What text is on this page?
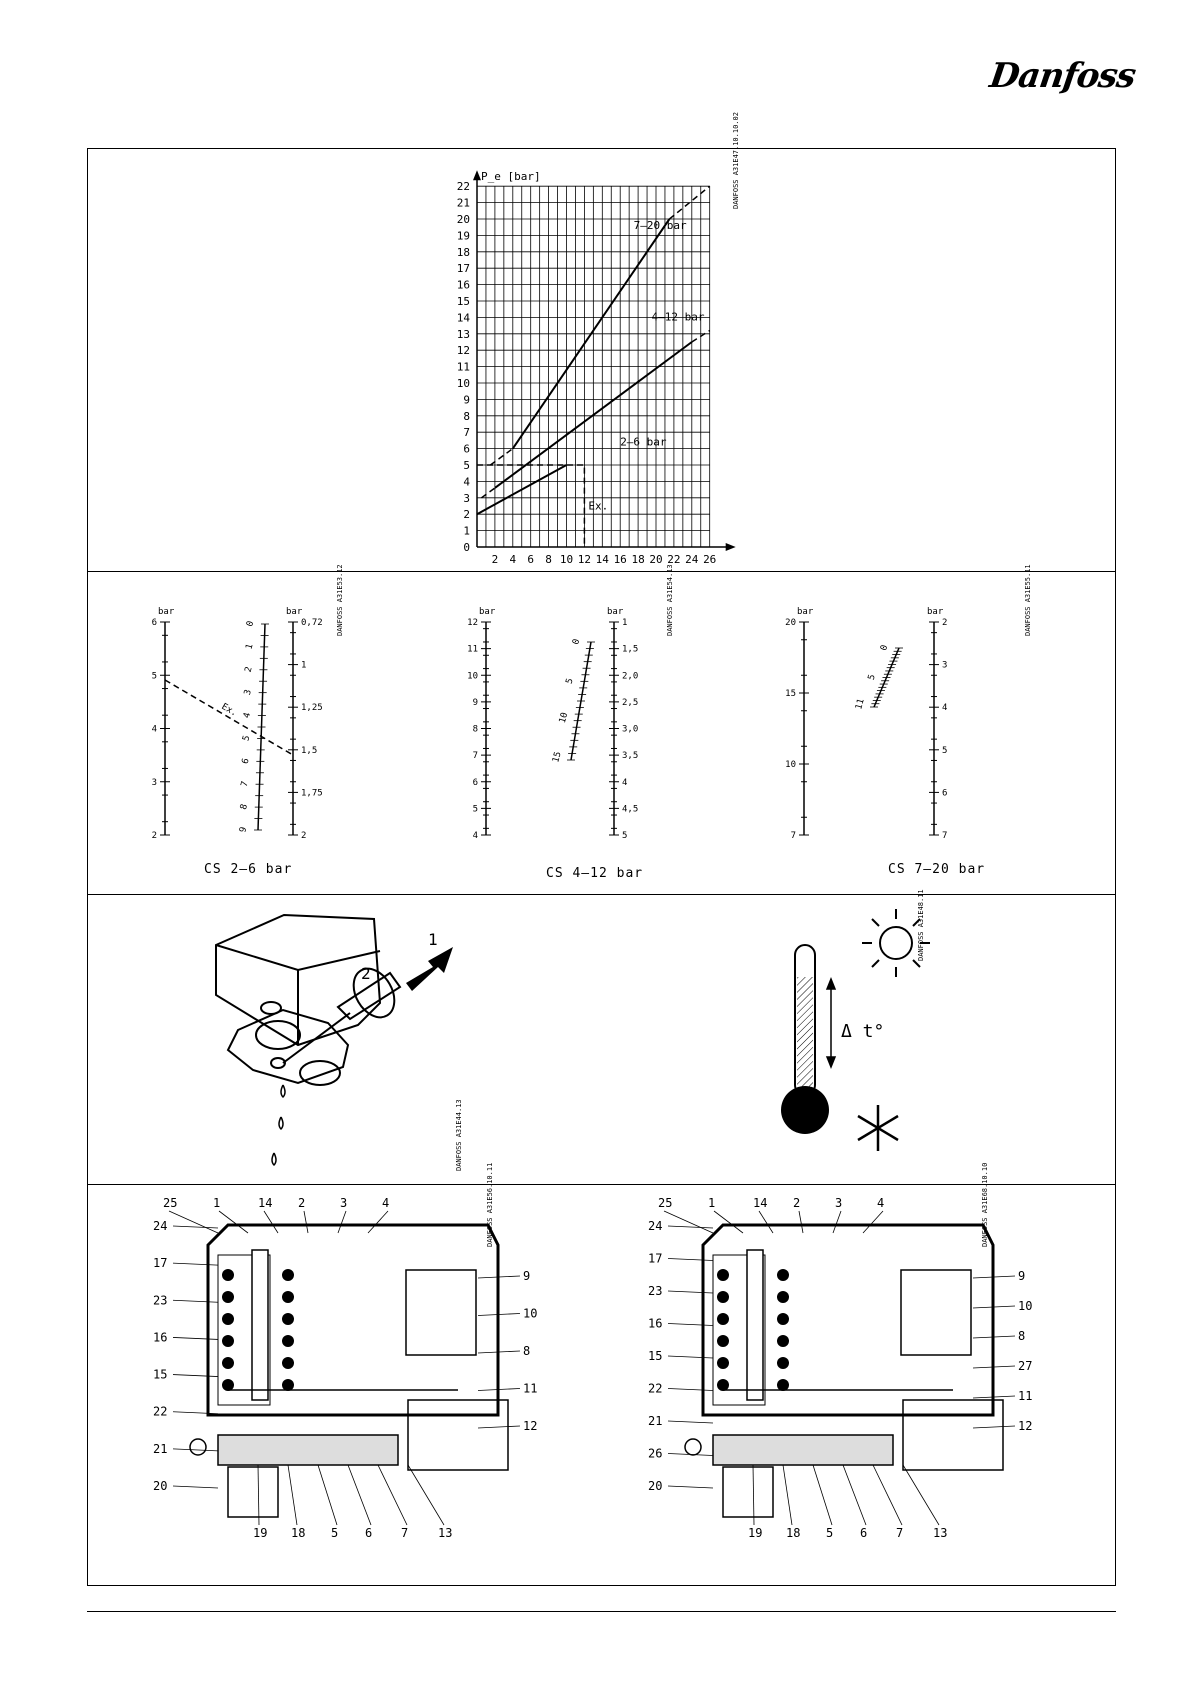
Danfoss
P_e [bar]
0
1
2
3
4
5
6
7
8
9
10
11
12
13
14
15
16
17
18
19
20
21
22
2 4 6 8 10 12 14 16 18 20 22 24 26
2–6 bar
4–12 bar
7–20 bar
Ex.
DANFOSS A31E47.10.10.02
bar	bar
6
5
4
3
2
0,72
1
1,25
1,5
1,75
2
0
1
2
3
4
5
6
7
8
9
Ex.
bar	bar
12
11
10
9
8
7
6
5
4
1
1,5
2,0
2,5
3,0
3,5
4
4,5
5
0
5
10
15
bar	bar
20
15
10
7
2
3
4
5
6
7
0
5
11
CS 2–6 bar	CS 4–12 bar	CS 7–20 bar
DANFOSS A31E53.12	DANFOSS A31E54.13	DANFOSS A31E55.11
1
2
Δ t°
DANFOSS A31E44.13
DANFOSS A31E48.11
25	1	14 2	3	4
24
17
23
16
15
22
21
20
9
10
8
11
12
19 18 5 6 7 13
25	1	14 2	3	4
24
17
23
16
15
22
21
26
20
9
10
8
27
11
12
19 18 5 6 7 13
DANFOSS A31E56.10.11	DANFOSS A31E68.10.10
